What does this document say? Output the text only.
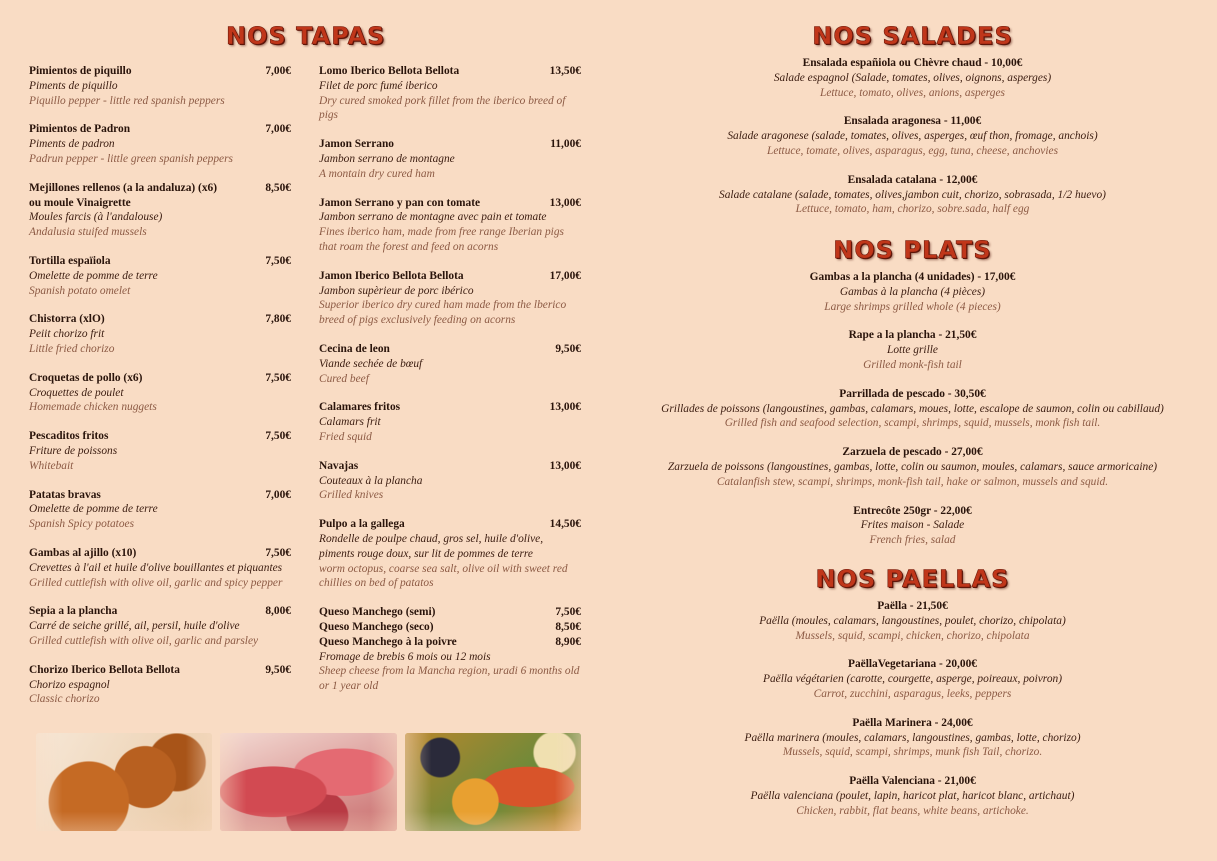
NOS TAPAS
Pimientos de piquillo	7,00€
Piments de piquillo
Piquillo pepper - little red spanish peppers
Pimientos de Padron	7,00€
Piments de padron
Padrun pepper - little green spanish peppers
Mejillones rellenos (a la andaluza) (x6)	8,50€
ou moule Vinaigrette
Moules farcis (à l'andalouse)
Andalusia stuifed mussels
Tortilla espaïiola	7,50€
Omelette de pomme de terre
Spanish potato omelet
Chistorra (xlO)	7,80€
Peiit chorizo frit
Little fried chorizo
Croquetas de pollo (x6)	7,50€
Croquettes de poulet
Homemade chicken nuggets
Pescaditos fritos	7,50€
Friture de poissons
Whitebait
Patatas bravas	7,00€
Omelette de pomme de terre
Spanish Spicy potatoes
Gambas al ajillo (x10)	7,50€
Crevettes à l'ail et huile d'olive bouillantes et piquantes
Grilled cuttlefish with olive oil, garlic and spicy pepper
Sepia a la plancha	8,00€
Carré de seiche grillé, ail, persil, huile d'olive
Grilled cuttlefish with olive oil, garlic and parsley
Chorizo Iberico Bellota Bellota	9,50€
Chorizo espagnol
Classic chorizo
Lomo Iberico Bellota Bellota	13,50€
Filet de porc fumé iberico
Dry cured smoked pork fillet from the iberico breed of pigs
Jamon Serrano	11,00€
Jambon serrano de montagne
A montain dry cured ham
Jamon Serrano y pan con tomate	13,00€
Jambon serrano de montagne avec pain et tomate
Fines iberico ham, made from free range Iberian pigs that roam the forest and feed on acorns
Jamon Iberico Bellota Bellota	17,00€
Jambon supèrieur de porc ibérico
Superior iberico dry cured ham made from the lberico breed of pigs exclusively feeding on acorns
Cecina de leon	9,50€
Viande sechée de bœuf
Cured beef
Calamares fritos	13,00€
Calamars frit
Fried squid
Navajas	13,00€
Couteaux à la plancha
Grilled knives
Pulpo a la gallega	14,50€
Rondelle de poulpe chaud, gros sel, huile d'olive, piments rouge doux, sur lit de pommes de terre
worm octopus, coarse sea salt, olive oil with sweet red chillies on bed of patatos
Queso Manchego (semi)	7,50€
Queso Manchego (seco)	8,50€
Queso Manchego à la poivre	8,90€
Fromage de brebis 6 mois ou 12 mois
Sheep cheese from la Mancha region, uradi 6 months old or 1 year old
NOS SALADES
Ensalada españiola ou Chèvre chaud - 10,00€
Salade espagnol (Salade, tomates, olives, oignons, asperges)
Lettuce, tomato, olives, anions, asperges
Ensalada aragonesa - 11,00€
Salade aragonese (salade, tomates, olives, asperges, œuf thon, fromage, anchois)
Lettuce, tomate, olives, asparagus, egg, tuna, cheese, anchovies
Ensalada catalana - 12,00€
Salade catalane (salade, tomates, olives,jambon cuit, chorizo, sobrasada, 1/2 huevo)
Lettuce, tomato, ham, chorizo, sobre.sada, half egg
NOS PLATS
Gambas a la plancha (4 unidades) - 17,00€
Gambas à la plancha (4 pièces)
Large shrimps grilled whole (4 pieces)
Rape a la plancha - 21,50€
Lotte grille
Grilled monk-fish tail
Parrillada de pescado - 30,50€
Grillades de poissons (langoustines, gambas, calamars, moues, lotte, escalope de saumon, colin ou cabillaud)
Grilled fish and seafood selection, scampi, shrimps, squid, mussels, monk fish tail.
Zarzuela de pescado - 27,00€
Zarzuela de poissons (langoustines, gambas, lotte, colin ou saumon, moules, calamars, sauce armoricaine)
Catalanfish stew, scampi, shrimps, monk-fish tail, hake or salmon, mussels and squid.
Entrecôte 250gr - 22,00€
Frites maison - Salade
French fries, salad
NOS PAELLAS
Paëlla - 21,50€
Paëlla (moules, calamars, langoustines, poulet, chorizo, chipolata)
Mussels, squid, scampi, chicken, chorizo, chipolata
PaëllaVegetariana - 20,00€
Paëlla végétarien (carotte, courgette, asperge, poireaux, poivron)
Carrot, zucchini, asparagus, leeks, peppers
Paëlla Marinera - 24,00€
Paëlla marinera (moules, calamars, langoustines, gambas, lotte, chorizo)
Mussels, squid, scampi, shrimps, munk fish Tail, chorizo.
Paëlla Valenciana - 21,00€
Paëlla valenciana (poulet, lapin, haricot plat, haricot blanc, artichaut)
Chicken, rabbit, flat beans, white beans, artichoke.
